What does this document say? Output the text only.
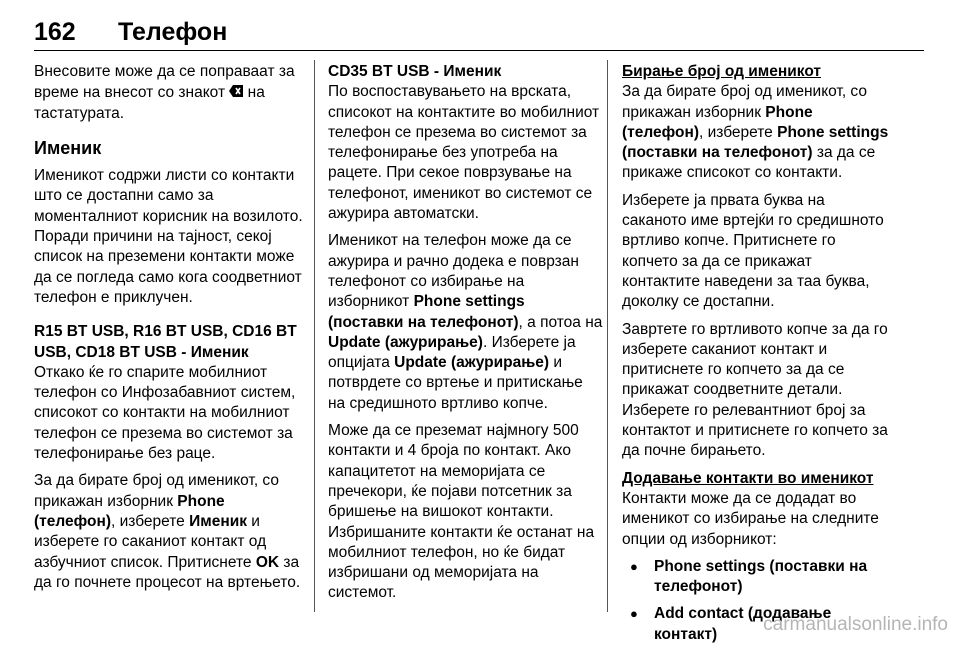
162 Телефон

Внесовите може да се поправаат за време на внесот со знакот на тастатурата.

Именик

Именикот содржи листи со контакти што се достапни само за моменталниот корисник на возилото. Поради причини на тајност, секој список на преземени контакти може да се погледа само кога соодветниот телефон е приклучен.

R15 BT USB, R16 BT USB, CD16 BT USB, CD18 BT USB - Именик

Откако ќе го спарите мобилниот телефон со Инфозабавниот систем, списокот со контакти на мобилниот телефон се презема во системот за телефонирање без раце.

За да бирате број од именикот, со прикажан изборник Phone (телефон), изберете Именик и изберете го саканиот контакт од азбучниот список. Притиснете OK за да го почнете процесот на вртењето.

CD35 BT USB - Именик

По воспоставувањето на врската, списокот на контактите во мобилниот телефон се презема во системот за телефонирање без употреба на рацете. При секое поврзување на телефонот, именикот во системот се ажурира автоматски.

Именикот на телефон може да се ажурира и рачно додека е поврзан телефонот со избирање на изборникот Phone settings (поставки на телефонот), а потоа на Update (ажурирање). Изберете ја опцијата Update (ажурирање) и потврдете со вртење и притискање на средишното вртливо копче.

Може да се преземат најмногу 500 контакти и 4 броја по контакт. Ако капацитетот на меморијата се пречекори, ќе појави потсетник за бришење на вишокот контакти. Избришаните контакти ќе останат на мобилниот телефон, но ќе бидат избришани од меморијата на системот.

Бирање број од именикот

За да бирате број од именикот, со прикажан изборник Phone (телефон), изберете Phone settings (поставки на телефонот) за да се прикаже списокот со контакти.

Изберете ја првата буква на саканото име вртејќи го средишното вртливо копче. Притиснете го копчето за да се прикажат контактите наведени за таа буква, доколку се достапни.

Завртете го вртливото копче за да го изберете саканиот контакт и притиснете го копчето за да се прикажат соодветните детали. Изберете го релевантниот број за контактот и притиснете го копчето за да почне бирањето.

Додавање контакти во именикот

Контакти може да се додадат во именикот со избирање на следните опции од изборникот:

● Phone settings (поставки на телефонот)
● Add contact (додавање контакт)	carmanualsonline.info
